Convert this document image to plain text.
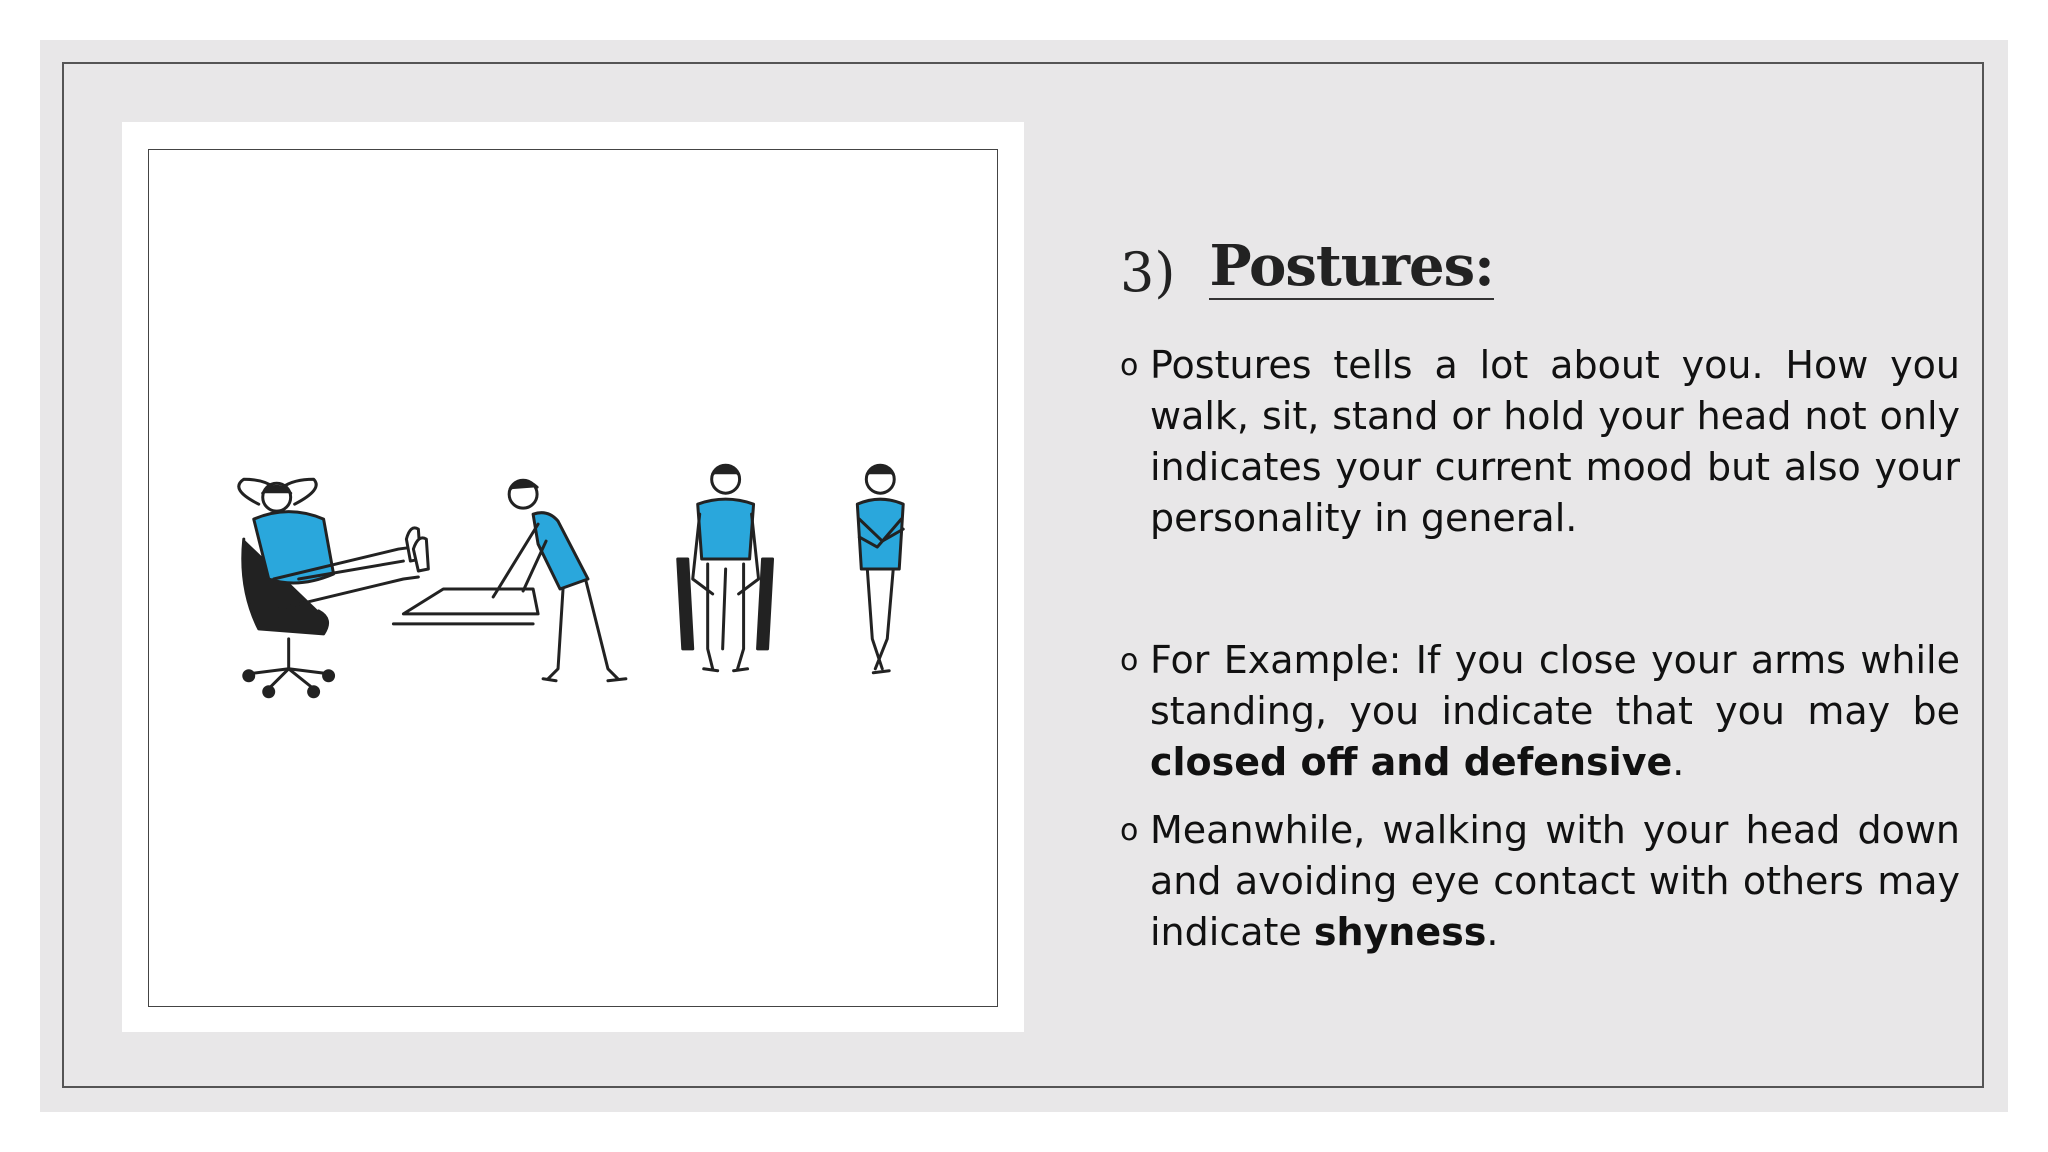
3) Postures:
o Postures tells a lot about you. How you walk, sit, stand or hold your head not only indicates your current mood but also your personality in general.
o For Example: If you close your arms while standing, you indicate that you may be closed off and defensive.
o Meanwhile, walking with your head down and avoiding eye contact with others may indicate shyness.
